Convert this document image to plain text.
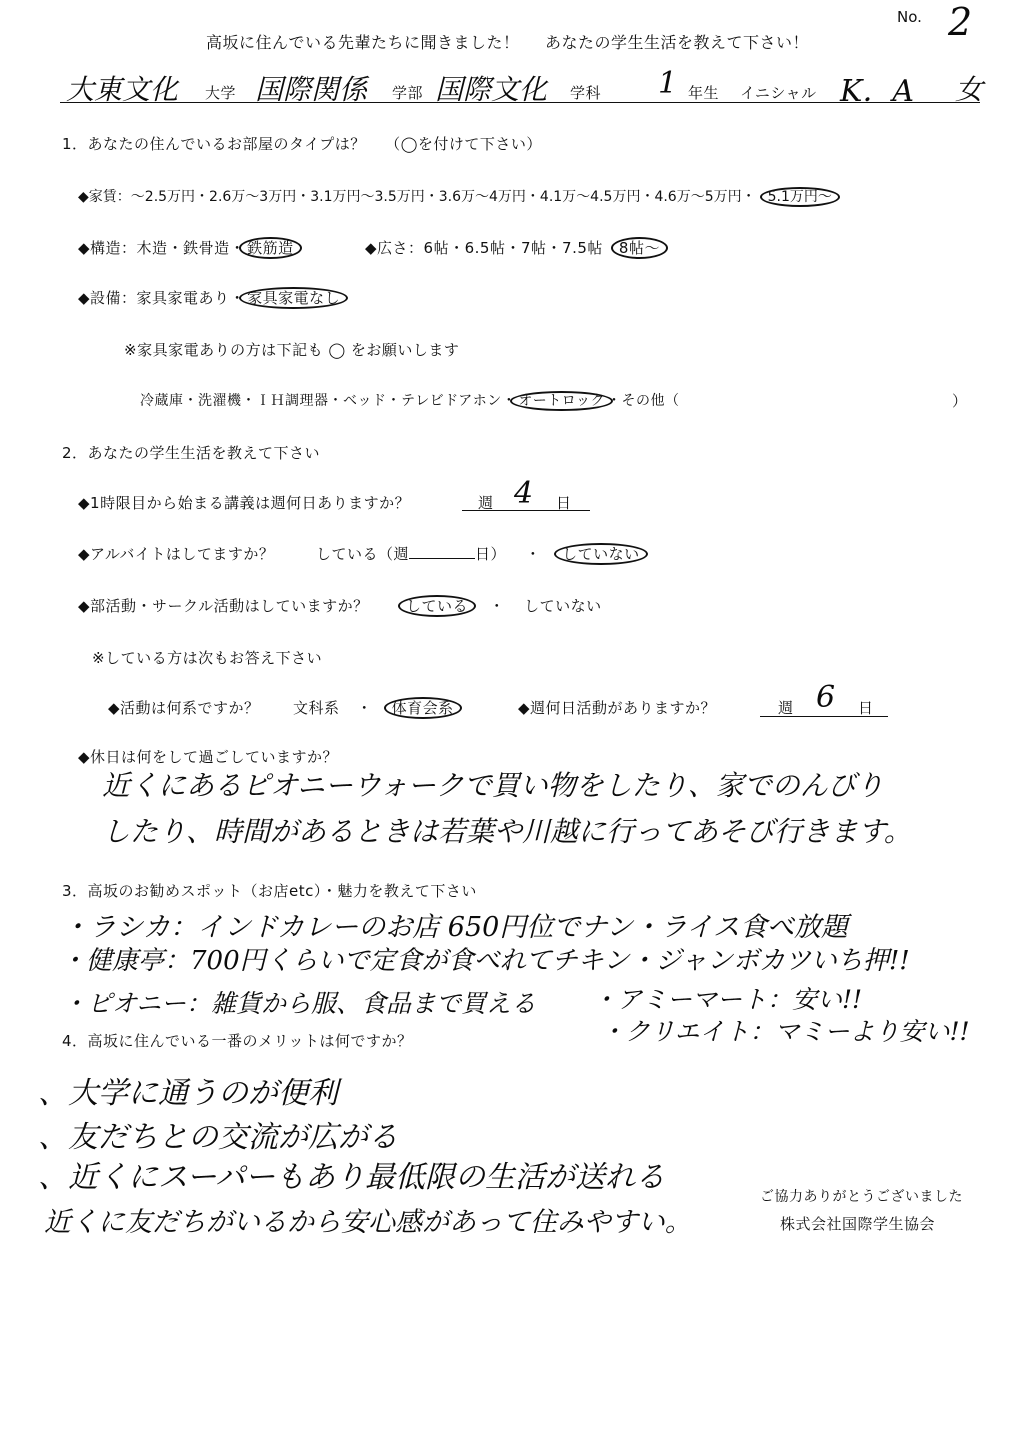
高坂に住んでいる先輩たちに聞きました！ あなたの学生生活を教えて下さい！
No. 2
大東文化 大学 国際関係 学部 国際文化 学科 1 年生 イニシャル K．A 女
1．あなたの住んでいるお部屋のタイプは？ （◯を付けて下さい）
◆家賃：～2.5万円・2.6万～3万円・3.1万円～3.5万円・3.6万～4万円・4.1万～4.5万円・4.6万～5万円・ 5.1万円～
◆構造：木造・鉄骨造・ 鉄筋造	◆広さ：6帖・6.5帖・7帖・7.5帖 8帖～
◆設備：家具家電あり・ 家具家電なし
※家具家電ありの方は下記も ◯ をお願いします
冷蔵庫・洗濯機・ＩＨ調理器・ベッド・テレビドアホン・ オートロック ・その他（	）
2．あなたの学生生活を教えて下さい
◆1時限目から始まる講義は週何日ありますか？	週 4 日
◆アルバイトはしてますか？	している（週	日） ・ していない
◆部活動・サークル活動はしていますか？ している ・ していない
※している方は次もお答え下さい
◆活動は何系ですか？ 文科系 ・ 体育会系	◆週何日活動がありますか？	週 6 日
◆休日は何をして過ごしていますか？
近くにあるピオニーウォークで買い物をしたり、家でのんびり
したり、時間があるときは若葉や川越に行ってあそび行きます。
3．高坂のお勧めスポット（お店etc）・魅力を教えて下さい
・ラシカ：インドカレーのお店 650円位でナン・ライス食べ放題
・健康亭：700円くらいで定食が食べれてチキン・ジャンボカツいち押!!
・ピオニー：雑貨から服、食品まで買える ・アミーマート：安い!!
・クリエイト：マミーより安い!!
4．高坂に住んでいる一番のメリットは何ですか？
、大学に通うのが便利
、友だちとの交流が広がる
、近くにスーパーもあり最低限の生活が送れる
近くに友だちがいるから安心感があって住みやすい。
ご協力ありがとうございました
株式会社国際学生協会
